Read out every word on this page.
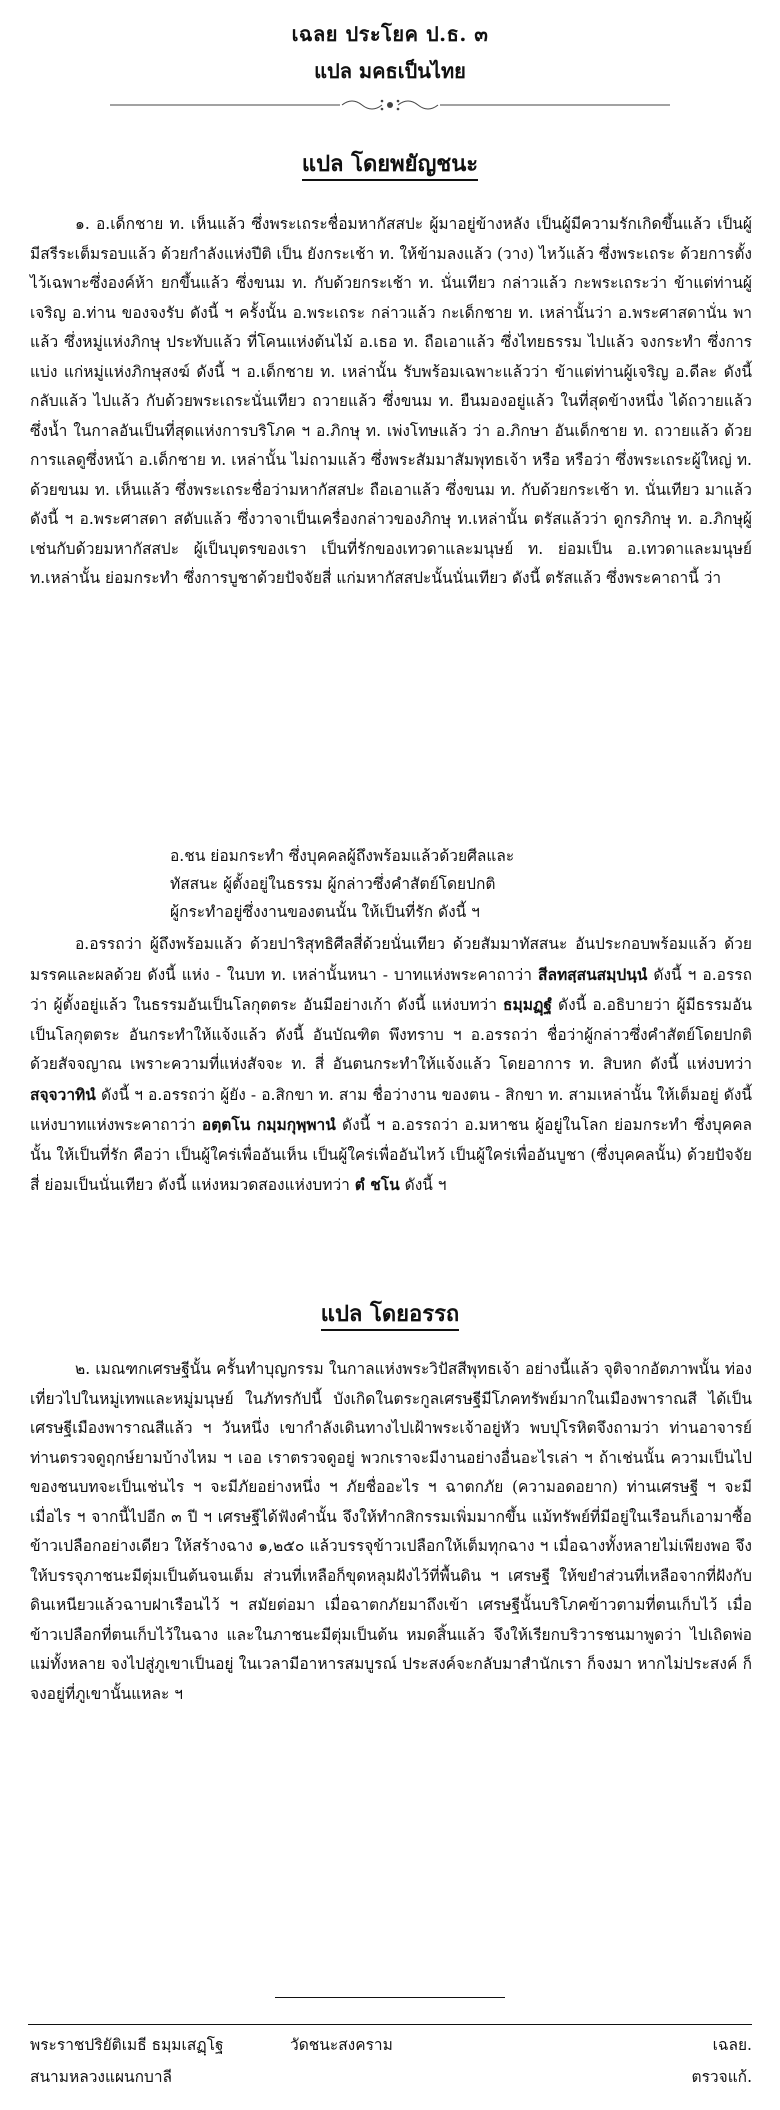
เฉลย ประโยค ป.ธ. ๓
แปล มคธเป็นไทย
แปล โดยพยัญชนะ
๑. อ.เด็กชาย ท. เห็นแล้ว ซึ่งพระเถระชื่อมหากัสสปะ ผู้มาอยู่ข้างหลัง เป็นผู้มีความรักเกิดขึ้นแล้ว เป็นผู้มีสรีระเต็มรอบแล้ว ด้วยกำลังแห่งปีติ เป็น ยังกระเช้า ท. ให้ข้ามลงแล้ว (วาง) ไหว้แล้ว ซึ่งพระเถระ ด้วยการตั้งไว้เฉพาะซึ่งองค์ห้า ยกขึ้นแล้ว ซึ่งขนม ท. กับด้วยกระเช้า ท. นั่นเทียว กล่าวแล้ว กะพระเถระว่า ข้าแต่ท่านผู้เจริญ อ.ท่าน ของจงรับ ดังนี้ ฯ ครั้งนั้น อ.พระเถระ กล่าวแล้ว กะเด็กชาย ท. เหล่านั้นว่า อ.พระศาสดานั่น พาแล้ว ซึ่งหมู่แห่งภิกษุ ประทับแล้ว ที่โคนแห่งต้นไม้ อ.เธอ ท. ถือเอาแล้ว ซึ่งไทยธรรม ไปแล้ว จงกระทำ ซึ่งการแบ่ง แก่หมู่แห่งภิกษุสงฆ์ ดังนี้ ฯ อ.เด็กชาย ท. เหล่านั้น รับพร้อมเฉพาะแล้วว่า ข้าแต่ท่านผู้เจริญ อ.ดีละ ดังนี้ กลับแล้ว ไปแล้ว กับด้วยพระเถระนั่นเทียว ถวายแล้ว ซึ่งขนม ท. ยืนมองอยู่แล้ว ในที่สุดข้างหนึ่ง ได้ถวายแล้ว ซึ่งน้ำ ในกาลอันเป็นที่สุดแห่งการบริโภค ฯ อ.ภิกษุ ท. เพ่งโทษแล้ว ว่า อ.ภิกษา อันเด็กชาย ท. ถวายแล้ว ด้วยการแลดูซึ่งหน้า อ.เด็กชาย ท. เหล่านั้น ไม่ถามแล้ว ซึ่งพระสัมมาสัมพุทธเจ้า หรือ หรือว่า ซึ่งพระเถระผู้ใหญ่ ท. ด้วยขนม ท. เห็นแล้ว ซึ่งพระเถระชื่อว่ามหากัสสปะ ถือเอาแล้ว ซึ่งขนม ท. กับด้วยกระเช้า ท. นั่นเทียว มาแล้ว ดังนี้ ฯ อ.พระศาสดา สดับแล้ว ซึ่งวาจาเป็นเครื่องกล่าวของภิกษุ ท.เหล่านั้น ตรัสแล้วว่า ดูกรภิกษุ ท. อ.ภิกษุผู้เช่นกับด้วยมหากัสสปะ ผู้เป็นบุตรของเรา เป็นที่รักของเทวดาและมนุษย์ ท. ย่อมเป็น อ.เทวดาและมนุษย์ ท.เหล่านั้น ย่อมกระทำ ซึ่งการบูชาด้วยปัจจัยสี่ แก่มหากัสสปะนั้นนั่นเทียว ดังนี้ ตรัสแล้ว ซึ่งพระคาถานี้ ว่า
อ.ชน ย่อมกระทำ ซึ่งบุคคลผู้ถึงพร้อมแล้วด้วยศีลและ
ทัสสนะ ผู้ตั้งอยู่ในธรรม ผู้กล่าวซึ่งคำสัตย์โดยปกติ
ผู้กระทำอยู่ซึ่งงานของตนนั้น ให้เป็นที่รัก ดังนี้ ฯ
อ.อรรถว่า ผู้ถึงพร้อมแล้ว ด้วยปาริสุทธิศีลสี่ด้วยนั่นเทียว ด้วยสัมมาทัสสนะ อันประกอบพร้อมแล้ว ด้วยมรรคและผลด้วย ดังนี้ แห่ง - ในบท ท. เหล่านั้นหนา - บาทแห่งพระคาถาว่า สีลทสฺสนสมฺปนฺนํ ดังนี้ ฯ อ.อรรถว่า ผู้ตั้งอยู่แล้ว ในธรรมอันเป็นโลกุตตระ อันมีอย่างเก้า ดังนี้ แห่งบทว่า ธมฺมฏฺฐํ ดังนี้ อ.อธิบายว่า ผู้มีธรรมอันเป็นโลกุตตระ อันกระทำให้แจ้งแล้ว ดังนี้ อันบัณฑิต พึงทราบ ฯ อ.อรรถว่า ชื่อว่าผู้กล่าวซึ่งคำสัตย์โดยปกติ ด้วยสัจจญาณ เพราะความที่แห่งสัจจะ ท. สี่ อันตนกระทำให้แจ้งแล้ว โดยอาการ ท. สิบหก ดังนี้ แห่งบทว่า สจฺจวาทินํ ดังนี้ ฯ อ.อรรถว่า ผู้ยัง - อ.สิกขา ท. สาม ชื่อว่างาน ของตน - สิกขา ท. สามเหล่านั้น ให้เต็มอยู่ ดังนี้ แห่งบาทแห่งพระคาถาว่า อตฺตโน กมฺมกุพฺพานํ ดังนี้ ฯ อ.อรรถว่า อ.มหาชน ผู้อยู่ในโลก ย่อมกระทำ ซึ่งบุคคลนั้น ให้เป็นที่รัก คือว่า เป็นผู้ใคร่เพื่ออันเห็น เป็นผู้ใคร่เพื่ออันไหว้ เป็นผู้ใคร่เพื่ออันบูชา (ซึ่งบุคคลนั้น) ด้วยปัจจัยสี่ ย่อมเป็นนั่นเทียว ดังนี้ แห่งหมวดสองแห่งบทว่า ตํ ชโน ดังนี้ ฯ
แปล โดยอรรถ
๒. เมณฑกเศรษฐีนั้น ครั้นทำบุญกรรม ในกาลแห่งพระวิปัสสีพุทธเจ้า อย่างนี้แล้ว จุติจากอัตภาพนั้น ท่องเที่ยวไปในหมู่เทพและหมู่มนุษย์ ในภัทรกัปนี้ บังเกิดในตระกูลเศรษฐีมีโภคทรัพย์มากในเมืองพาราณสี ได้เป็นเศรษฐีเมืองพาราณสีแล้ว ฯ วันหนึ่ง เขากำลังเดินทางไปเฝ้าพระเจ้าอยู่หัว พบปุโรหิตจึงถามว่า ท่านอาจารย์ ท่านตรวจดูฤกษ์ยามบ้างไหม ฯ เออ เราตรวจดูอยู่ พวกเราจะมีงานอย่างอื่นอะไรเล่า ฯ ถ้าเช่นนั้น ความเป็นไปของชนบทจะเป็นเช่นไร ฯ จะมีภัยอย่างหนึ่ง ฯ ภัยชื่ออะไร ฯ ฉาตกภัย (ความอดอยาก) ท่านเศรษฐี ฯ จะมีเมื่อไร ฯ จากนี้ไปอีก ๓ ปี ฯ เศรษฐีได้ฟังคำนั้น จึงให้ทำกสิกรรมเพิ่มมากขึ้น แม้ทรัพย์ที่มีอยู่ในเรือนก็เอามาซื้อข้าวเปลือกอย่างเดียว ให้สร้างฉาง ๑,๒๕๐ แล้วบรรจุข้าวเปลือกให้เต็มทุกฉาง ฯ เมื่อฉางทั้งหลายไม่เพียงพอ จึงให้บรรจุภาชนะมีตุ่มเป็นต้นจนเต็ม ส่วนที่เหลือก็ขุดหลุมฝังไว้ที่พื้นดิน ฯ เศรษฐี ให้ขยำส่วนที่เหลือจากที่ฝังกับดินเหนียวแล้วฉาบฝาเรือนไว้ ฯ สมัยต่อมา เมื่อฉาตกภัยมาถึงเข้า เศรษฐีนั้นบริโภคข้าวตามที่ตนเก็บไว้ เมื่อข้าวเปลือกที่ตนเก็บไว้ในฉาง และในภาชนะมีตุ่มเป็นต้น หมดสิ้นแล้ว จึงให้เรียกบริวารชนมาพูดว่า ไปเถิดพ่อแม่ทั้งหลาย จงไปสู่ภูเขาเป็นอยู่ ในเวลามีอาหารสมบูรณ์ ประสงค์จะกลับมาสำนักเรา ก็จงมา หากไม่ประสงค์ ก็จงอยู่ที่ภูเขานั้นแหละ ฯ
พระราชปริยัติเมธี ธมฺมเสฏฺโฐ	วัดชนะสงคราม	เฉลย.
สนามหลวงแผนกบาลี	ตรวจแก้.
